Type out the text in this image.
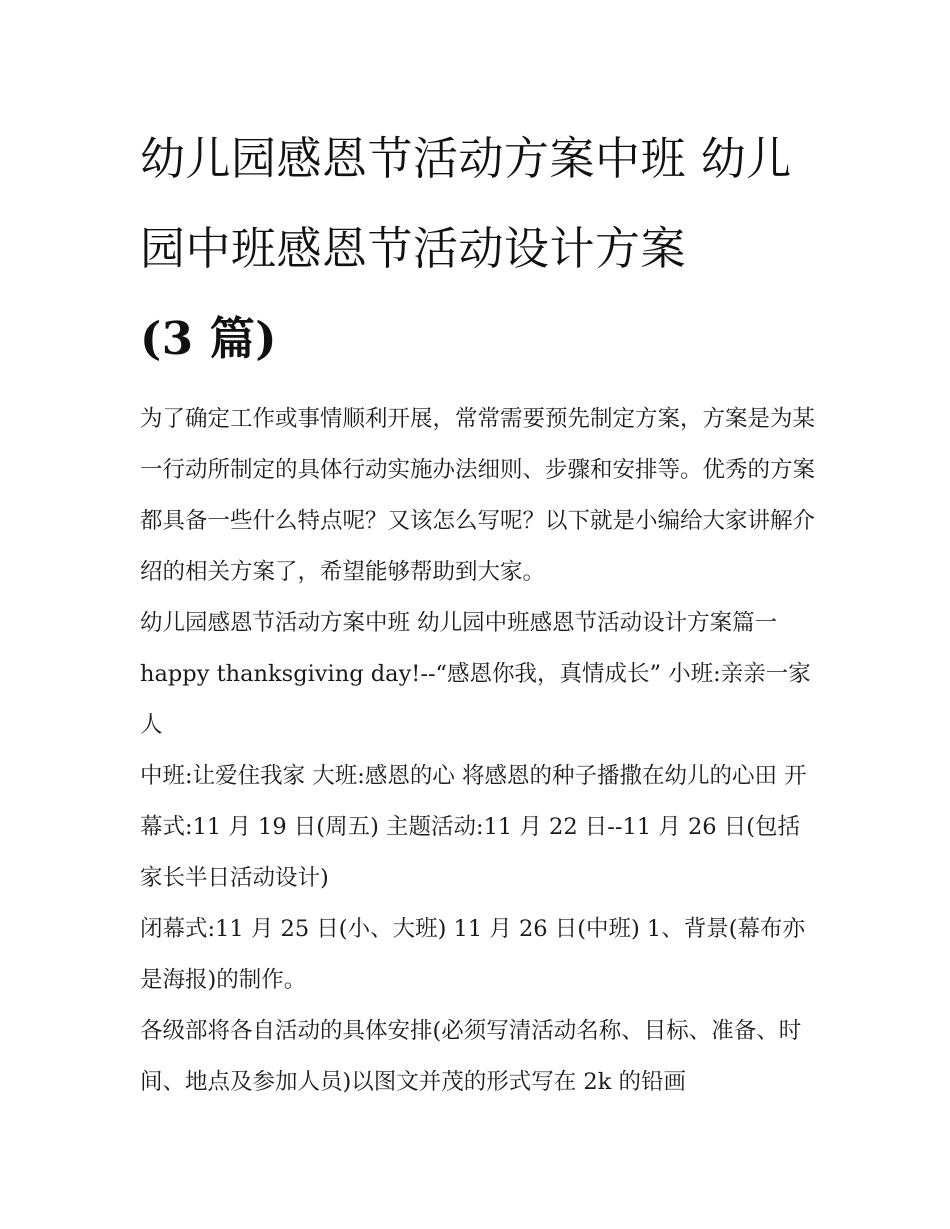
幼儿园感恩节活动方案中班 幼儿园中班感恩节活动设计方案
(3 篇)

为了确定工作或事情顺利开展，常常需要预先制定方案，方案是为某一行动所制定的具体行动实施办法细则、步骤和安排等。优秀的方案都具备一些什么特点呢？又该怎么写呢？以下就是小编给大家讲解介绍的相关方案了，希望能够帮助到大家。

幼儿园感恩节活动方案中班 幼儿园中班感恩节活动设计方案篇一 happy thanksgiving day!--“感恩你我，真情成长” 小班:亲亲一家人

中班:让爱住我家 大班:感恩的心 将感恩的种子播撒在幼儿的心田 开幕式:11 月 19 日(周五) 主题活动:11 月 22 日--11 月 26 日(包括家长半日活动设计)

闭幕式:11 月 25 日(小、大班) 11 月 26 日(中班) 1、背景(幕布亦是海报)的制作。

各级部将各自活动的具体安排(必须写清活动名称、目标、准备、时间、地点及参加人员)以图文并茂的形式写在 2k 的铅画
